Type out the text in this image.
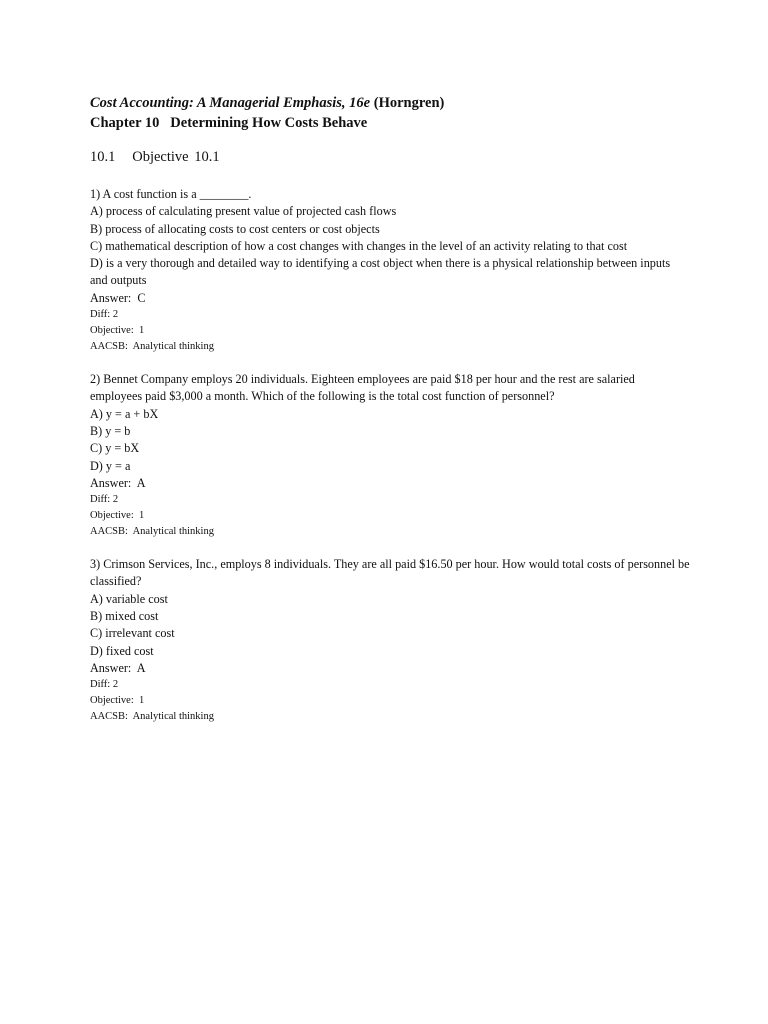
Cost Accounting: A Managerial Emphasis, 16e (Horngren)
Chapter 10   Determining How Costs Behave
10.1   Objective 10.1
1) A cost function is a ________.
A) process of calculating present value of projected cash flows
B) process of allocating costs to cost centers or cost objects
C) mathematical description of how a cost changes with changes in the level of an activity relating to that cost
D) is a very thorough and detailed way to identifying a cost object when there is a physical relationship between inputs and outputs
Answer:  C
Diff: 2
Objective:  1
AACSB:  Analytical thinking
2) Bennet Company employs 20 individuals. Eighteen employees are paid $18 per hour and the rest are salaried employees paid $3,000 a month. Which of the following is the total cost function of personnel?
A) y = a + bX
B) y = b
C) y = bX
D) y = a
Answer:  A
Diff: 2
Objective:  1
AACSB:  Analytical thinking
3) Crimson Services, Inc., employs 8 individuals. They are all paid $16.50 per hour. How would total costs of personnel be classified?
A) variable cost
B) mixed cost
C) irrelevant cost
D) fixed cost
Answer:  A
Diff: 2
Objective:  1
AACSB:  Analytical thinking
